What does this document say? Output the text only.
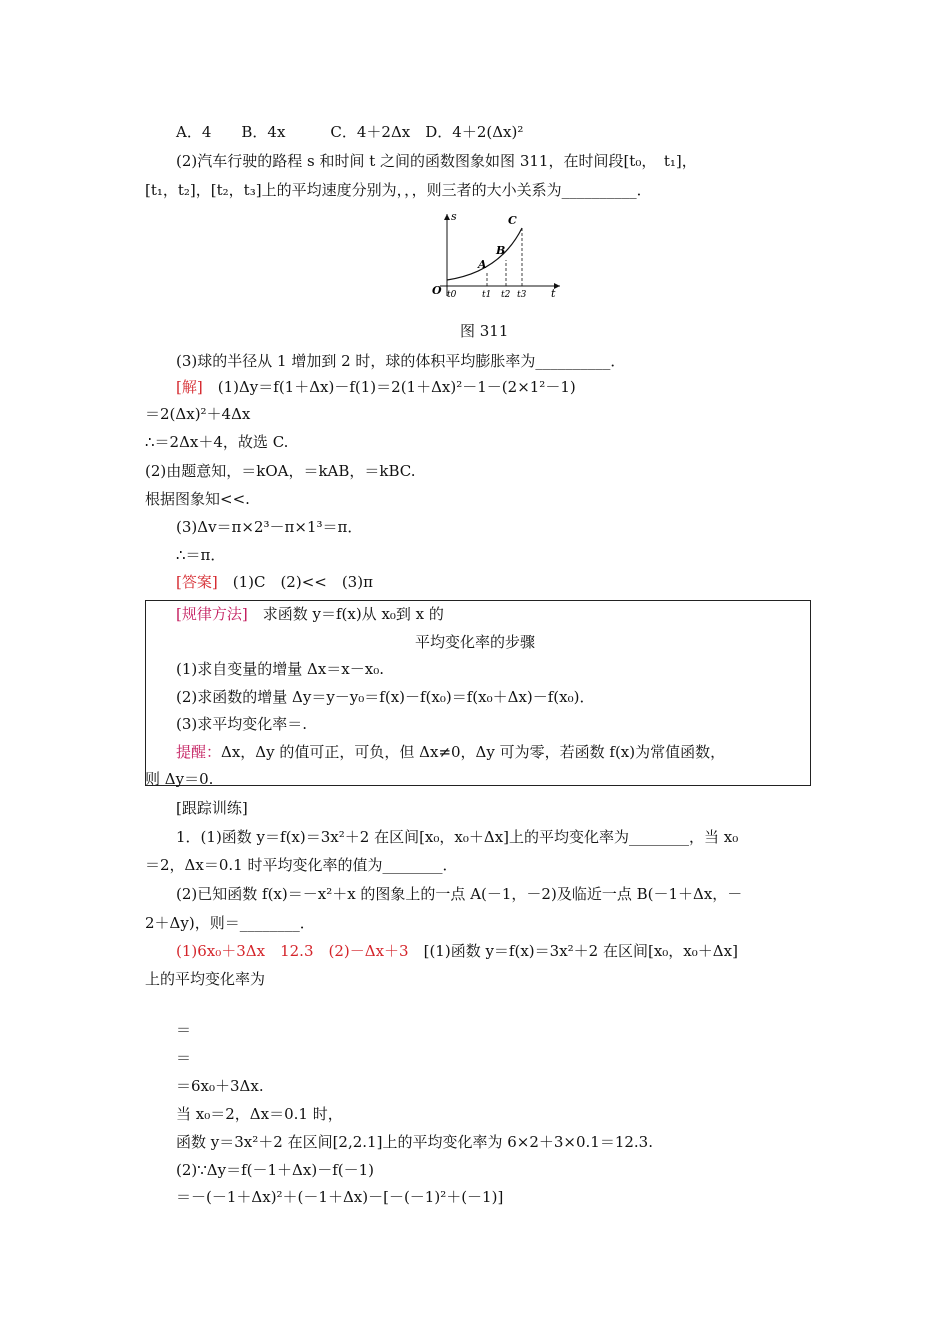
A．4　　B．4x　　　C．4＋2Δx　D．4＋2(Δx)²
(2)汽车行驶的路程 s 和时间 t 之间的函数图象如图 311，在时间段[t₀，　t₁]，
[t₁，t₂]，[t₂，t₃]上的平均速度分别为，，，则三者的大小关系为__________．
s
t
O
A
B
C
t0	t1 t2 t3
图 311
(3)球的半径从 1 增加到 2 时，球的体积平均膨胀率为__________．
[解]　(1)Δy＝f(1＋Δx)－f(1)＝2(1＋Δx)²－1－(2×1²－1)
＝2(Δx)²＋4Δx
∴＝2Δx＋4，故选 C.
(2)由题意知，＝kOA，＝kAB，＝kBC.
根据图象知<<.
(3)Δv＝π×2³－π×1³＝π．
∴＝π．
[答案]　(1)C　(2)<<　(3)π
[规律方法]　求函数 y＝f(x)从 x₀到 x 的
平均变化率的步骤
(1)求自变量的增量 Δx＝x－x₀.
(2)求函数的增量 Δy＝y－y₀＝f(x)－f(x₀)＝f(x₀＋Δx)－f(x₀)．
(3)求平均变化率＝.
提醒：Δx，Δy 的值可正，可负，但 Δx≠0，Δy 可为零，若函数 f(x)为常值函数，
则 Δy＝0.
[跟踪训练]
1．(1)函数 y＝f(x)＝3x²＋2 在区间[x₀，x₀＋Δx]上的平均变化率为________，当 x₀
＝2，Δx＝0.1 时平均变化率的值为________．
(2)已知函数 f(x)＝－x²＋x 的图象上的一点 A(－1，－2)及临近一点 B(－1＋Δx，－
2＋Δy)，则＝________．
(1)6x₀＋3Δx　12.3　(2)－Δx＋3　[(1)函数 y＝f(x)＝3x²＋2 在区间[x₀，x₀＋Δx]
上的平均变化率为
＝
＝
＝6x₀＋3Δx.
当 x₀＝2，Δx＝0.1 时，
函数 y＝3x²＋2 在区间[2,2.1]上的平均变化率为 6×2＋3×0.1＝12.3.
(2)∵Δy＝f(－1＋Δx)－f(－1)
＝－(－1＋Δx)²＋(－1＋Δx)－[－(－1)²＋(－1)]
